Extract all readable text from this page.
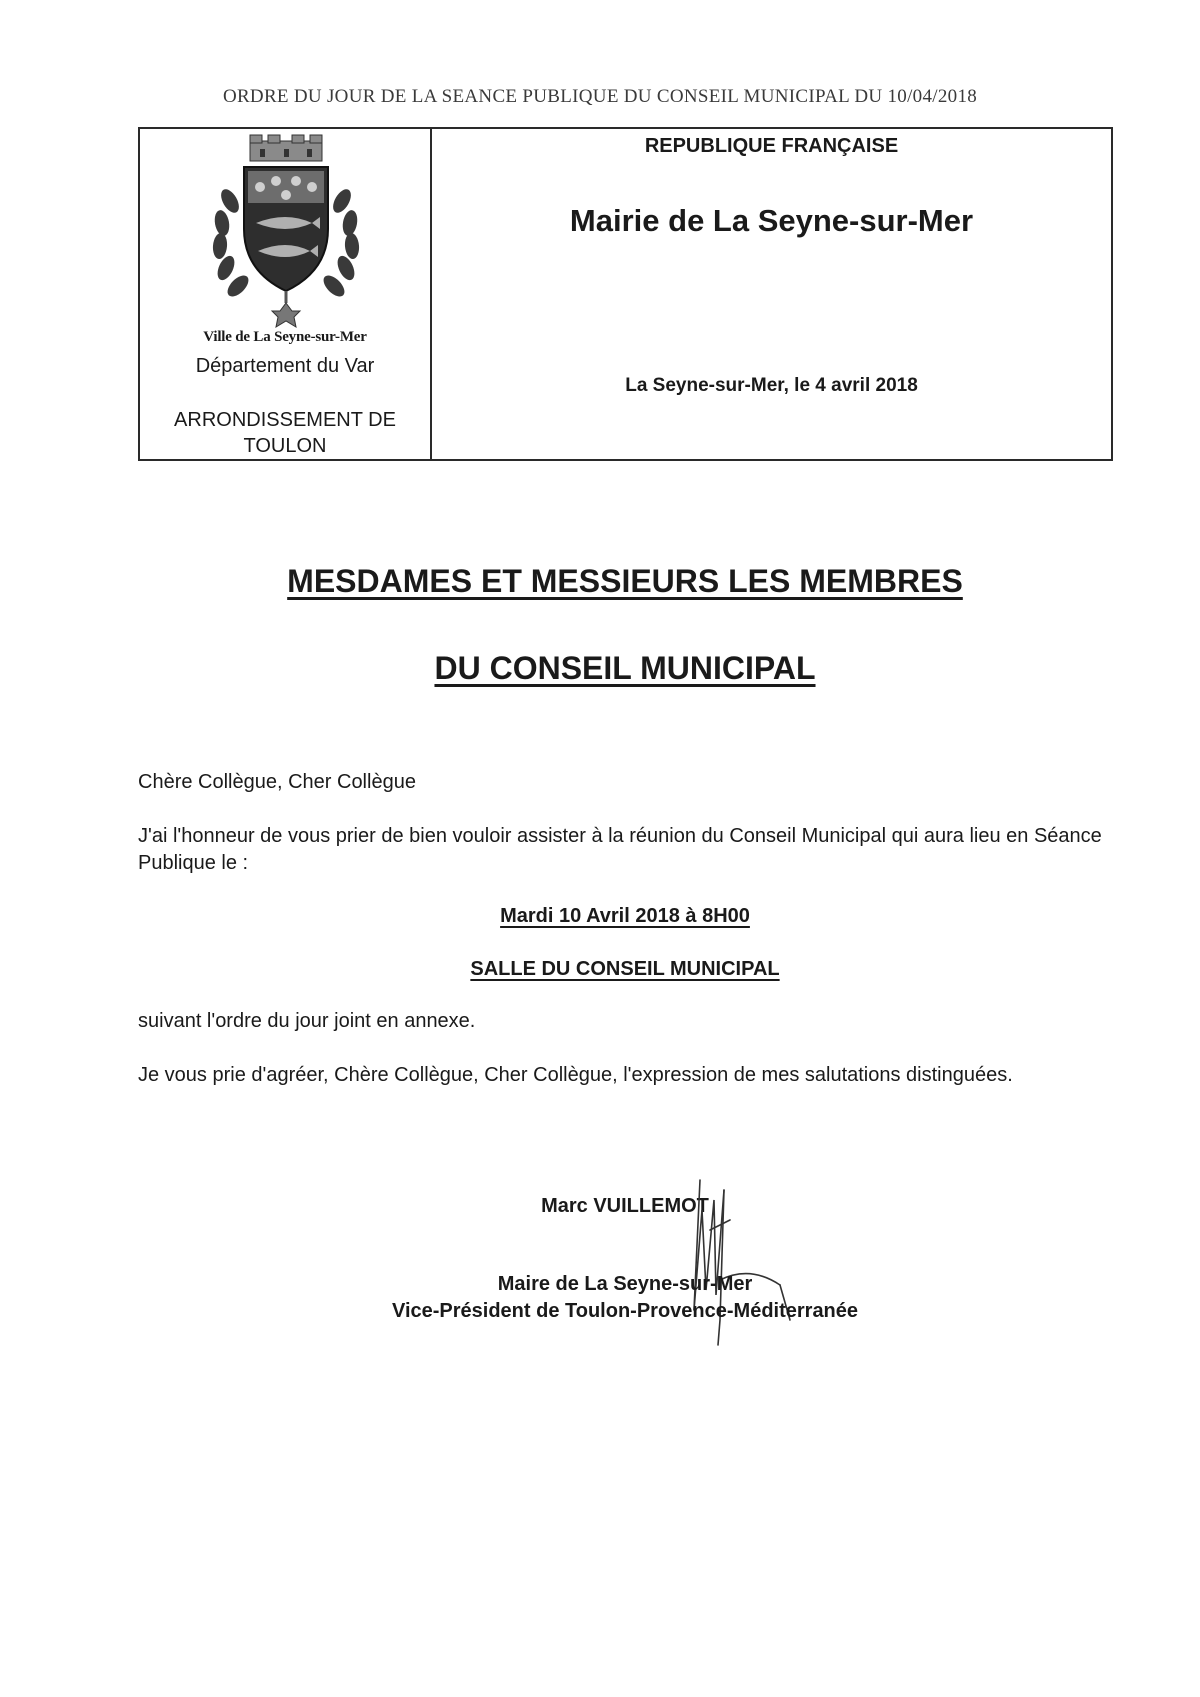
ORDRE DU JOUR DE LA SEANCE PUBLIQUE DU CONSEIL MUNICIPAL DU 10/04/2018
Ville de La Seyne-sur-Mer
Département du Var
ARRONDISSEMENT DE TOULON
REPUBLIQUE FRANÇAISE
Mairie de La Seyne-sur-Mer
La Seyne-sur-Mer, le 4 avril 2018
MESDAMES ET MESSIEURS LES MEMBRES
DU CONSEIL MUNICIPAL
Chère Collègue, Cher Collègue
J'ai l'honneur de vous prier de bien vouloir assister à la réunion du Conseil Municipal qui aura lieu en Séance Publique le :
Mardi 10 Avril 2018 à 8H00
SALLE DU CONSEIL MUNICIPAL
suivant l'ordre du jour joint en annexe.
Je vous prie d'agréer, Chère Collègue, Cher Collègue, l'expression de mes salutations distinguées.
Marc VUILLEMOT
Maire de La Seyne-sur-Mer
Vice-Président de Toulon-Provence-Méditerranée
